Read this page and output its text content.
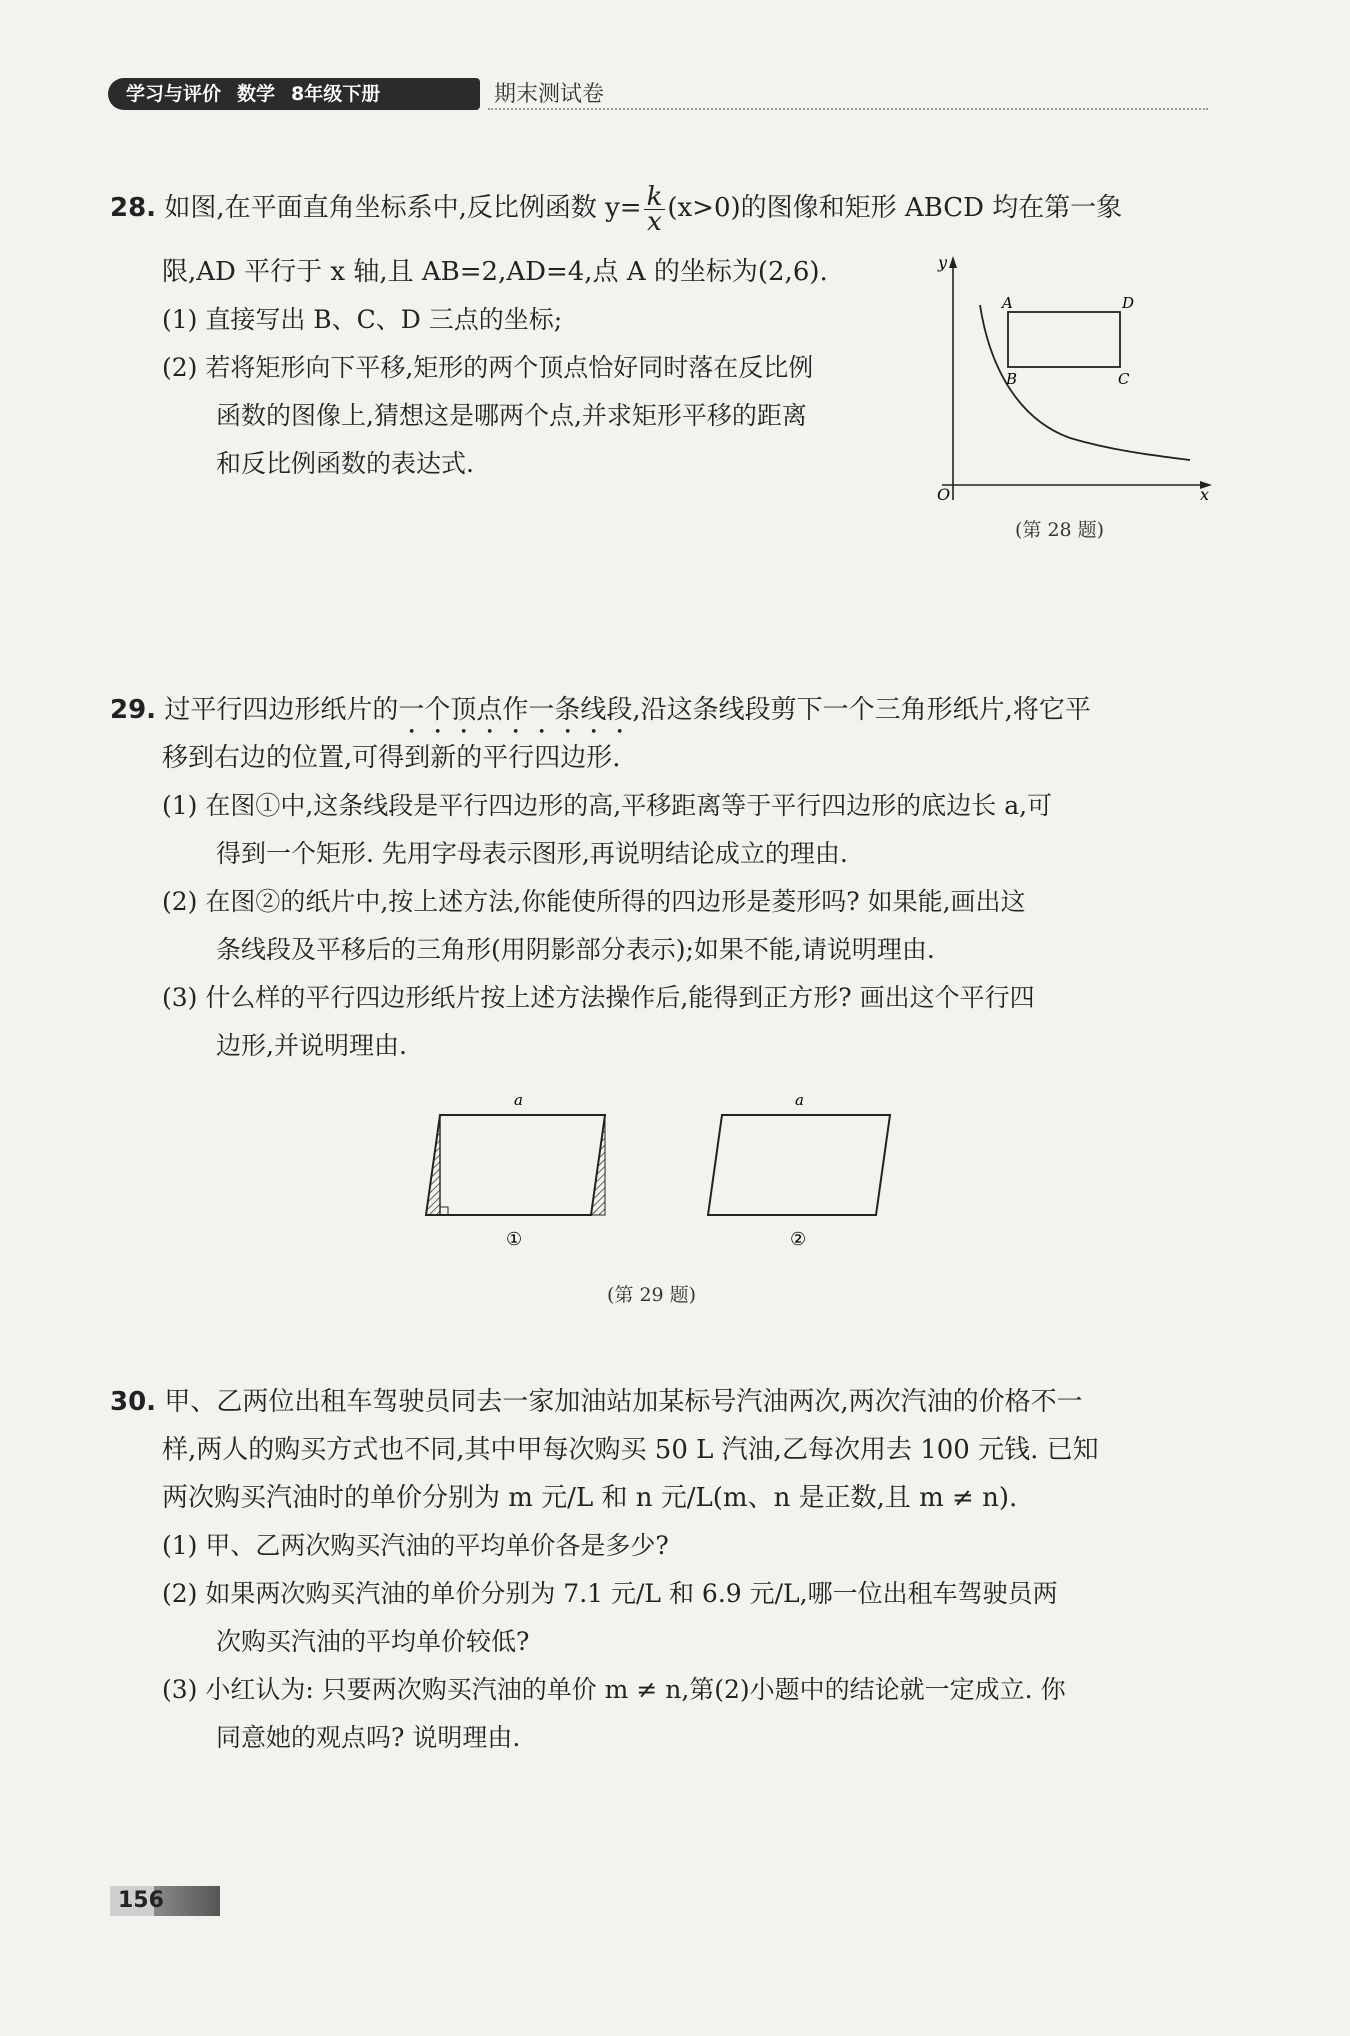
学习与评价 数学 8年级下册	期末测试卷
28. 如图,在平面直角坐标系中,反比例函数 $y= \frac{k}{x} (x>0)$的图像和矩形 ABCD 均在第一象
限,AD 平行于 x 轴,且 AB=2,AD=4,点 A 的坐标为(2,6).
(1) 直接写出 B、C、D 三点的坐标;
(2) 若将矩形向下平移,矩形的两个顶点恰好同时落在反比例
函数的图像上,猜想这是哪两个点,并求矩形平移的距离
和反比例函数的表达式.
y
x
O
A	D
B	C
(第 28 题)
29. 过平行四边形纸片的一个顶点作一条线段,沿这条线段剪下一个三角形纸片,将它平
移到右边的位置,可得到新的平行四边形.
(1) 在图①中,这条线段是平行四边形的高,平移距离等于平行四边形的底边长 a,可
得到一个矩形. 先用字母表示图形,再说明结论成立的理由.
(2) 在图②的纸片中,按上述方法,你能使所得的四边形是菱形吗? 如果能,画出这
条线段及平移后的三角形(用阴影部分表示);如果不能,请说明理由.
(3) 什么样的平行四边形纸片按上述方法操作后,能得到正方形? 画出这个平行四
边形,并说明理由.
a
①
a
②
(第 29 题)
30. 甲、乙两位出租车驾驶员同去一家加油站加某标号汽油两次,两次汽油的价格不一
样,两人的购买方式也不同,其中甲每次购买 50 L 汽油,乙每次用去 100 元钱. 已知
两次购买汽油时的单价分别为 m 元/L 和 n 元/L(m、n 是正数,且 m ≠ n).
(1) 甲、乙两次购买汽油的平均单价各是多少?
(2) 如果两次购买汽油的单价分别为 7.1 元/L 和 6.9 元/L,哪一位出租车驾驶员两
次购买汽油的平均单价较低?
(3) 小红认为: 只要两次购买汽油的单价 m ≠ n,第(2)小题中的结论就一定成立. 你
同意她的观点吗? 说明理由.
156
